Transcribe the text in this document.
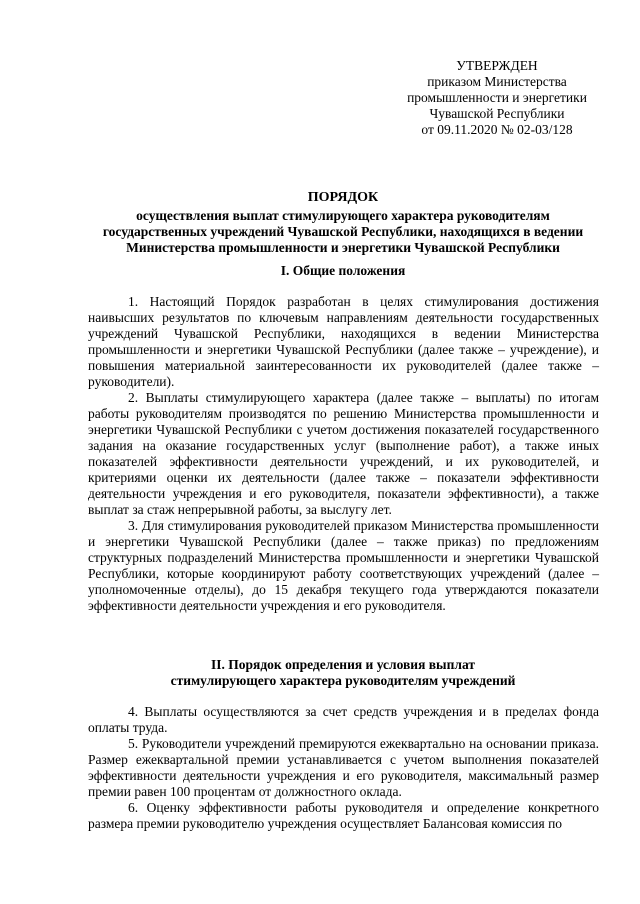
УТВЕРЖДЕН
приказом Министерства
промышленности и энергетики
Чувашской Республики
от 09.11.2020 № 02-03/128
ПОРЯДОК
осуществления выплат стимулирующего характера руководителям
государственных учреждений Чувашской Республики, находящихся в ведении
Министерства промышленности и энергетики Чувашской Республики
I. Общие положения

1. Настоящий Порядок разработан в целях стимулирования достижения наивысших результатов по ключевым направлениям деятельности государственных учреждений Чувашской Республики, находящихся в ведении Министерства промышленности и энергетики Чувашской Республики (далее также – учреждение), и повышения материальной заинтересованности их руководителей (далее также – руководители).

2. Выплаты стимулирующего характера (далее также – выплаты) по итогам работы руководителям производятся по решению Министерства промышленности и энергетики Чувашской Республики с учетом достижения показателей государственного задания на оказание государственных услуг (выполнение работ), а также иных показателей эффективности деятельности учреждений, и их руководителей, и критериями оценки их деятельности (далее также – показатели эффективности деятельности учреждения и его руководителя, показатели эффективности), а также выплат за стаж непрерывной работы, за выслугу лет.

3. Для стимулирования руководителей приказом Министерства промышленности и энергетики Чувашской Республики (далее – также приказ) по предложениям структурных подразделений Министерства промышленности и энергетики Чувашской Республики, которые координируют работу соответствующих учреждений (далее – уполномоченные отделы), до 15 декабря текущего года утверждаются показатели эффективности деятельности учреждения и его руководителя.

II. Порядок определения и условия выплат
стимулирующего характера руководителям учреждений

4. Выплаты осуществляются за счет средств учреждения и в пределах фонда оплаты труда.

5. Руководители учреждений премируются ежеквартально на основании приказа. Размер ежеквартальной премии устанавливается с учетом выполнения показателей эффективности деятельности учреждения и его руководителя, максимальный размер премии равен 100 процентам от должностного оклада.

6. Оценку эффективности работы руководителя и определение конкретного размера премии руководителю учреждения осуществляет Балансовая комиссия по
